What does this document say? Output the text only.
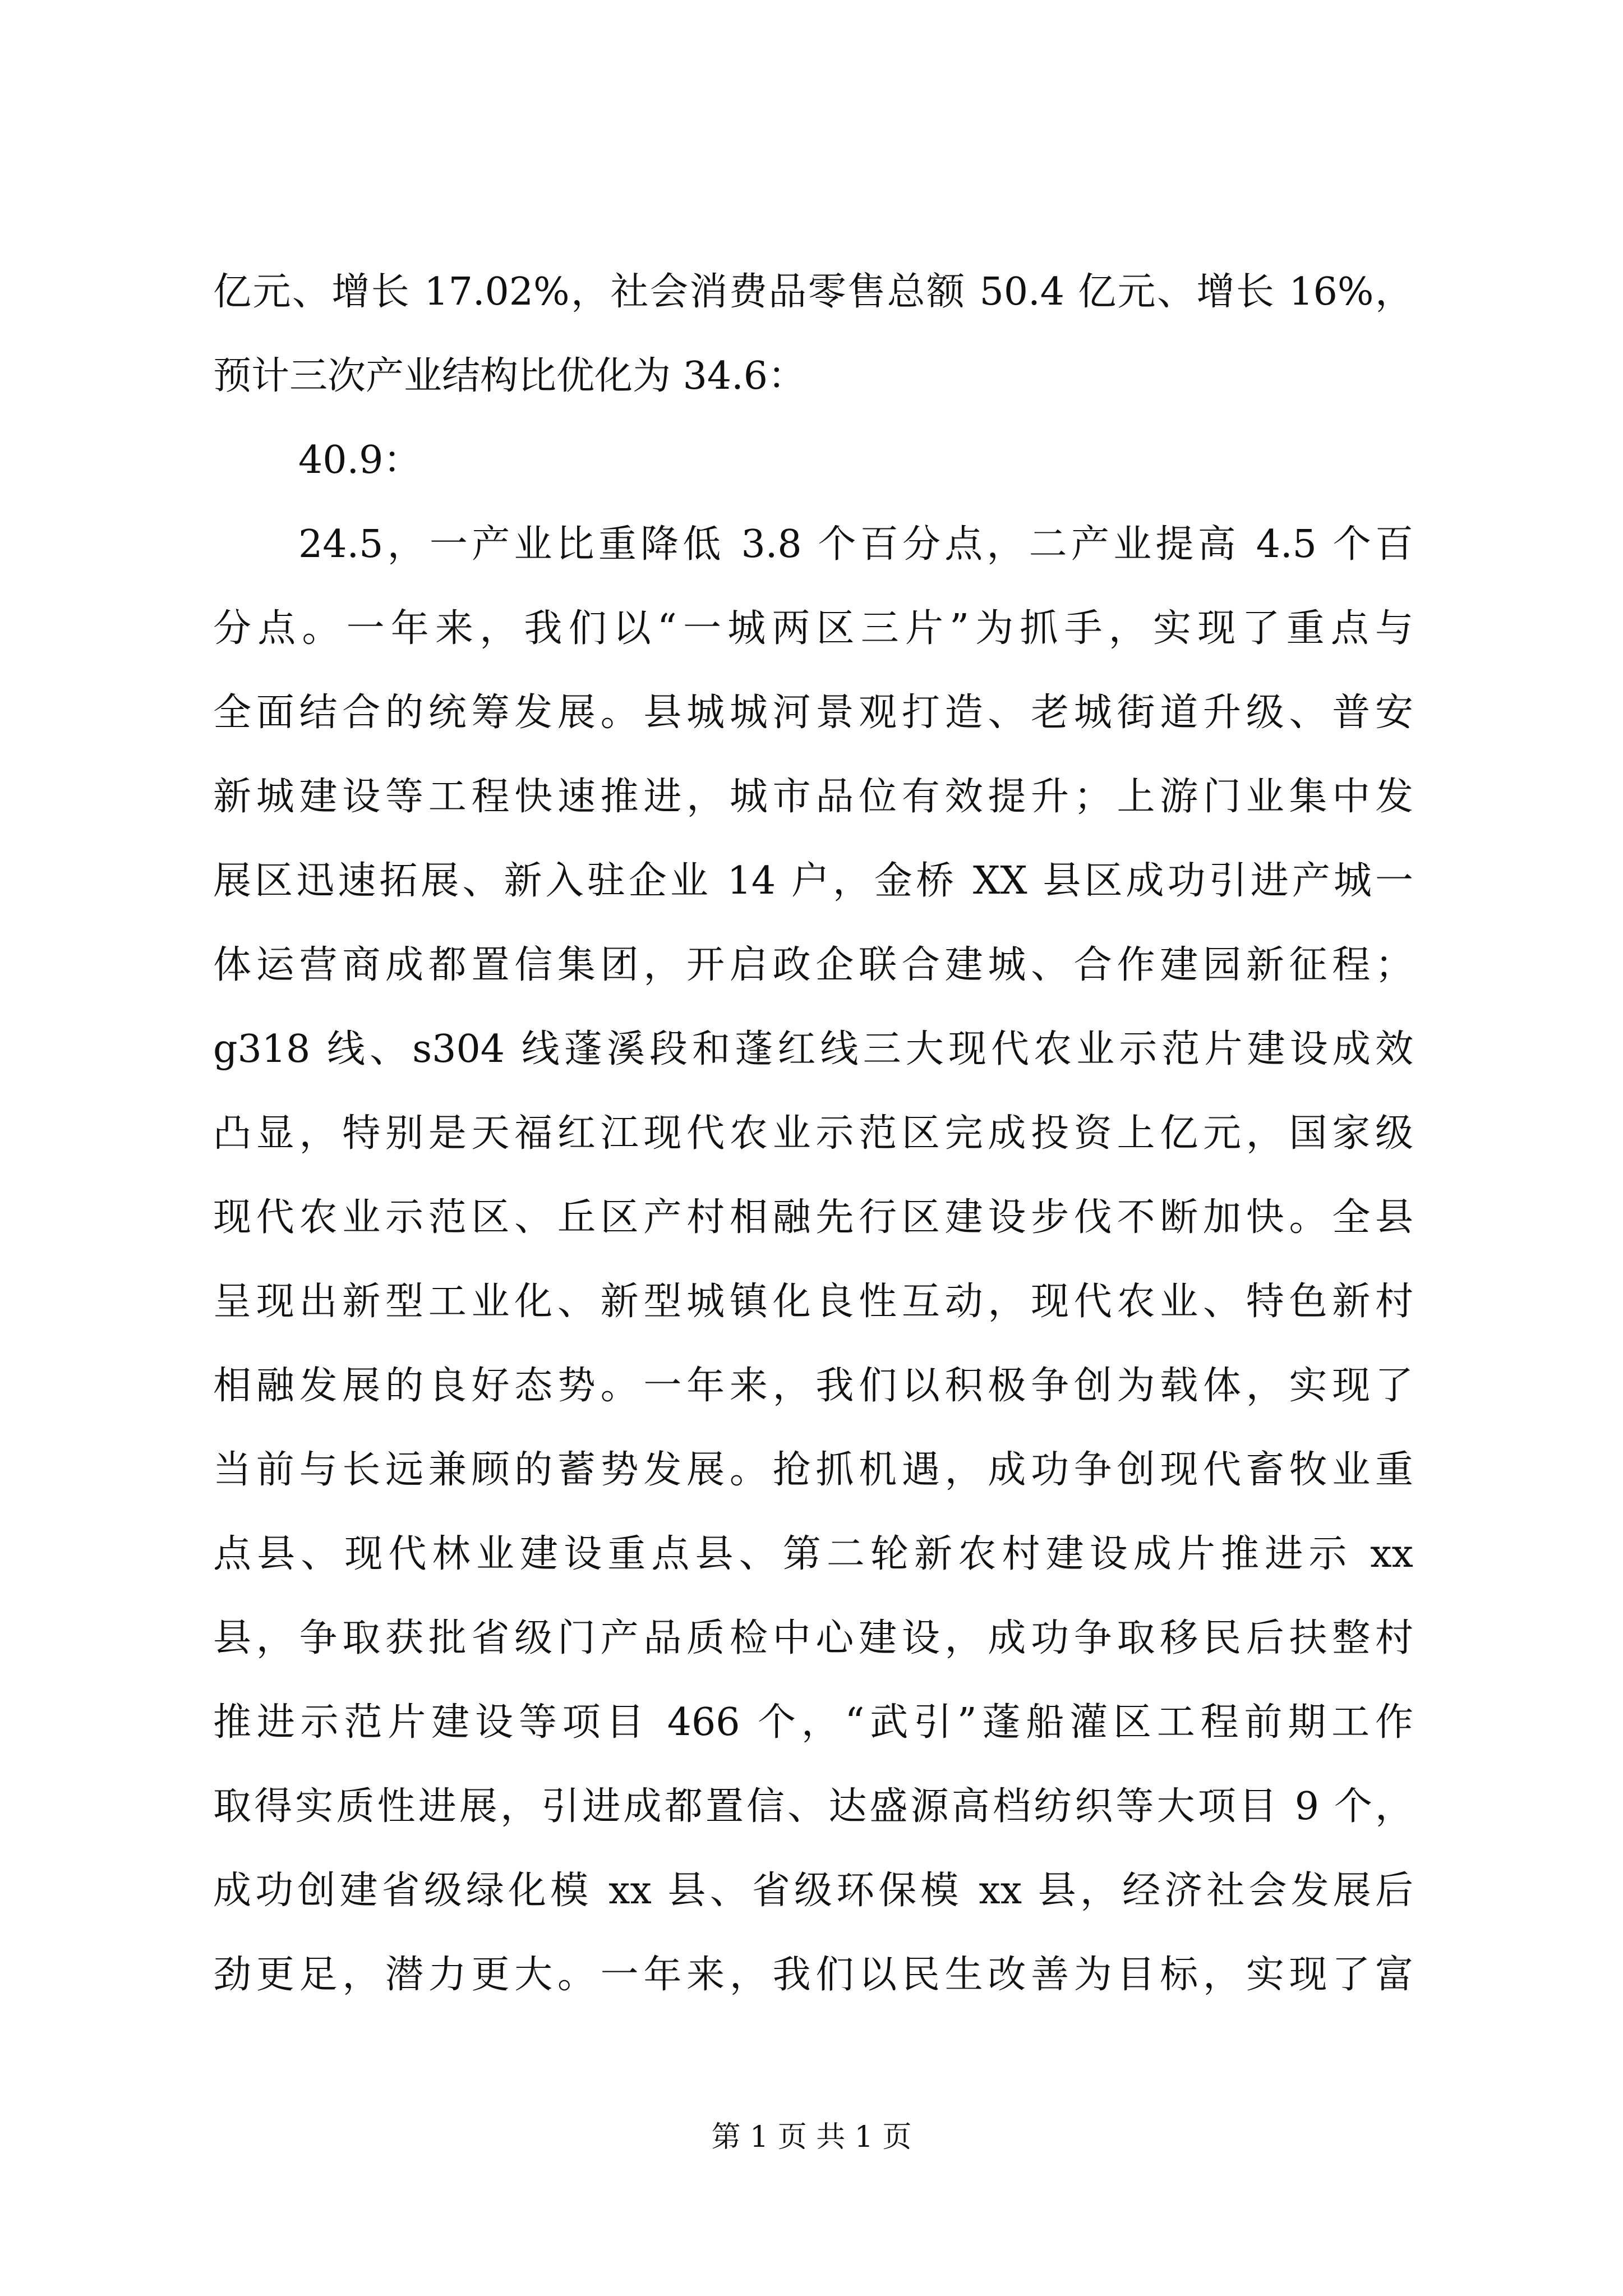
亿元、增长 17.02%，社会消费品零售总额 50.4 亿元、增长 16%，
预计三次产业结构比优化为 34.6：
40.9：
24.5，一产业比重降低 3.8 个百分点，二产业提高 4.5 个百
分点。一年来，我们以“一城两区三片”为抓手，实现了重点与
全面结合的统筹发展。县城城河景观打造、老城街道升级、普安
新城建设等工程快速推进，城市品位有效提升；上游门业集中发
展区迅速拓展、新入驻企业 14 户，金桥 XX 县区成功引进产城一
体运营商成都置信集团，开启政企联合建城、合作建园新征程；
g318 线、s304 线蓬溪段和蓬红线三大现代农业示范片建设成效
凸显，特别是天福红江现代农业示范区完成投资上亿元，国家级
现代农业示范区、丘区产村相融先行区建设步伐不断加快。全县
呈现出新型工业化、新型城镇化良性互动，现代农业、特色新村
相融发展的良好态势。一年来，我们以积极争创为载体，实现了
当前与长远兼顾的蓄势发展。抢抓机遇，成功争创现代畜牧业重
点县、现代林业建设重点县、第二轮新农村建设成片推进示 xx
县，争取获批省级门产品质检中心建设，成功争取移民后扶整村
推进示范片建设等项目 466 个，“武引”蓬船灌区工程前期工作
取得实质性进展，引进成都置信、达盛源高档纺织等大项目 9 个，
成功创建省级绿化模 xx 县、省级环保模 xx 县，经济社会发展后
劲更足，潜力更大。一年来，我们以民生改善为目标，实现了富
第 1 页 共 1 页
